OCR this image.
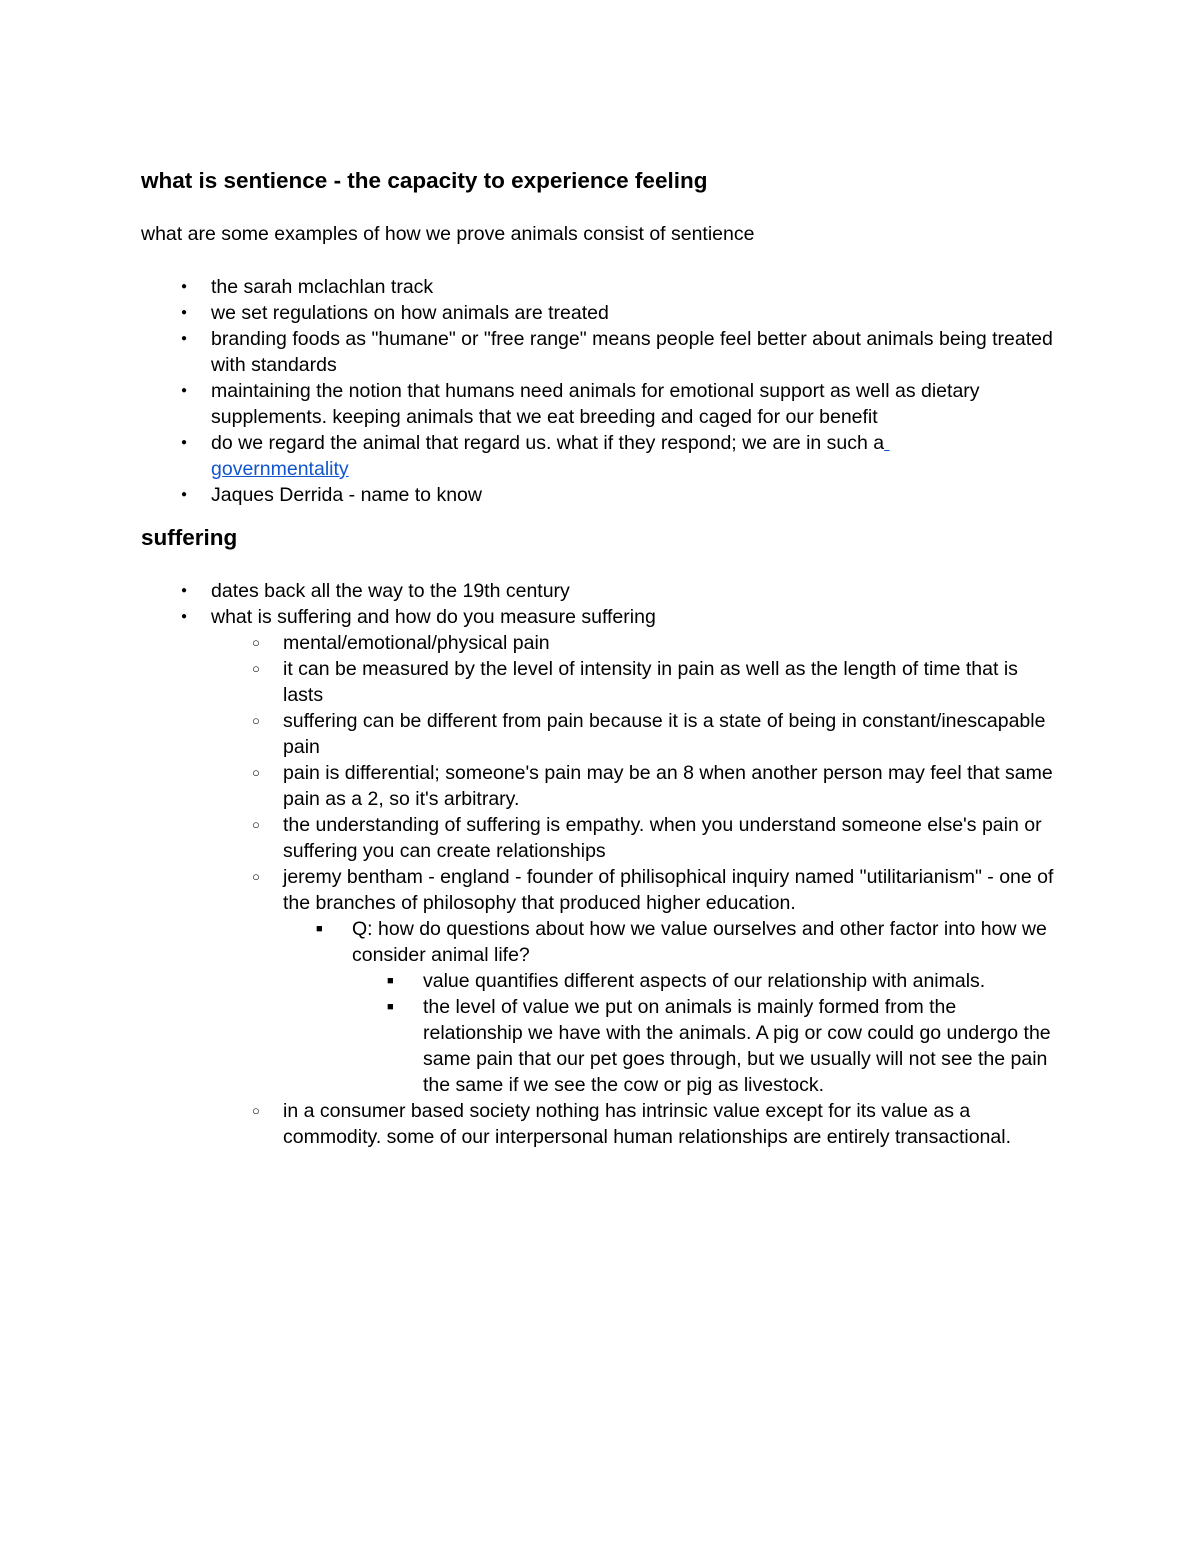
what is sentience - the capacity to experience feeling

what are some examples of how we prove animals consist of sentience

● the sarah mclachlan track
● we set regulations on how animals are treated
● branding foods as "humane" or "free range" means people feel better about animals being treated with standards
● maintaining the notion that humans need animals for emotional support as well as dietary supplements. keeping animals that we eat breeding and caged for our benefit
● do we regard the animal that regard us. what if they respond; we are in such a
governmentality
● Jaques Derrida - name to know
suffering
● dates back all the way to the 19th century
● what is suffering and how do you measure suffering
○ mental/emotional/physical pain
○ it can be measured by the level of intensity in pain as well as the length of time that is lasts
○ suffering can be different from pain because it is a state of being in constant/inescapable pain
○ pain is differential; someone's pain may be an 8 when another person may feel that same pain as a 2, so it's arbitrary.
○ the understanding of suffering is empathy. when you understand someone else's pain or suffering you can create relationships
○ jeremy bentham - england - founder of philisophical inquiry named "utilitarianism" - one of the branches of philosophy that produced higher education.
■ Q: how do questions about how we value ourselves and other factor into how we consider animal life?
■ value quantifies different aspects of our relationship with animals.
■ the level of value we put on animals is mainly formed from the relationship we have with the animals. A pig or cow could go undergo the same pain that our pet goes through, but we usually will not see the pain the same if we see the cow or pig as livestock.
○ in a consumer based society nothing has intrinsic value except for its value as a commodity. some of our interpersonal human relationships are entirely transactional.
